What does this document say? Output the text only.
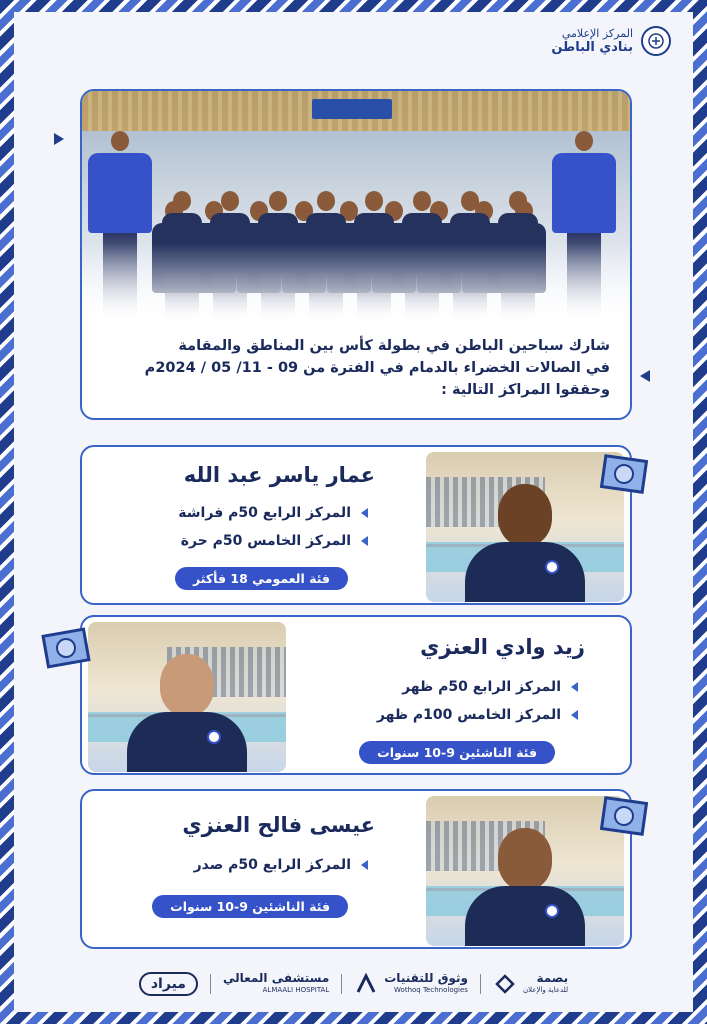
المركز الإعلامي
بنادي الباطن
شارك سباحين الباطن في بطولة كأس بين المناطق والمقامة
في الصالات الخضراء بالدمام في الفترة من 09 - 11/ 05 / 2024م
وحققوا المراكز التالية :
عمار ياسر عبد الله
المركز الرابع 50م فراشة
المركز الخامس 50م حرة
فئة العمومي 18 فأكثر
زيد وادي العنزي
المركز الرابع 50م ظهر
المركز الخامس 100م ظهر
فئة الناشئين 9-10 سنوات
عيسى فالح العنزي
المركز الرابع 50م صدر
فئة الناشئين 9-10 سنوات
بصمة
للدعاية والإعلان
وثوق للتقنيات
Wothoq Technologies
مستشفى المعالي
ALMAALI HOSPITAL
ميراد
